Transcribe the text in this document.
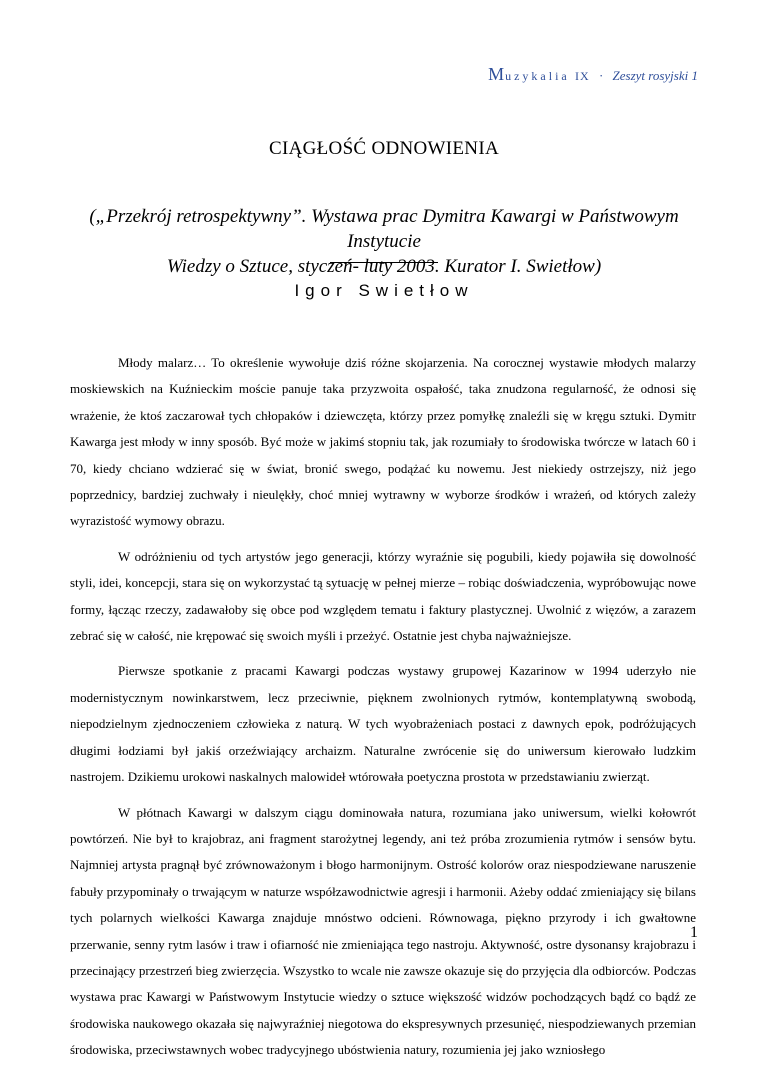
Muzykalia IX · Zeszyt rosyjski 1
CIĄGŁOŚĆ ODNOWIENIA
(„Przekrój retrospektywny”. Wystawa prac Dymitra Kawargi w Państwowym Instytucie
Wiedzy o Sztuce, styczeń- luty 2003. Kurator I. Swietłow)
Igor Swietłow

Młody malarz… To określenie wywołuje dziś różne skojarzenia. Na corocznej wystawie młodych malarzy moskiewskich na Kuźnieckim moście panuje taka przyzwoita ospałość, taka znudzona regularność, że odnosi się wrażenie, że ktoś zaczarował tych chłopaków i dziewczęta, którzy przez pomyłkę znaleźli się w kręgu sztuki. Dymitr Kawarga jest młody w inny sposób. Być może w jakimś stopniu tak, jak rozumiały to środowiska twórcze w latach 60 i 70, kiedy chciano wdzierać się w świat, bronić swego, podążać ku nowemu. Jest niekiedy ostrzejszy, niż jego poprzednicy, bardziej zuchwały i nieulękły, choć mniej wytrawny w wyborze środków i wrażeń, od których zależy wyrazistość wymowy obrazu.

W odróżnieniu od tych artystów jego generacji, którzy wyraźnie się pogubili, kiedy pojawiła się dowolność styli, idei, koncepcji, stara się on wykorzystać tą sytuację w pełnej mierze – robiąc doświadczenia, wypróbowując nowe formy, łącząc rzeczy, zadawałoby się obce pod względem tematu i faktury plastycznej. Uwolnić z więzów, a zarazem zebrać się w całość, nie krępować się swoich myśli i przeżyć. Ostatnie jest chyba najważniejsze.

Pierwsze spotkanie z pracami Kawargi podczas wystawy grupowej Kazarinow w 1994 uderzyło nie modernistycznym nowinkarstwem, lecz przeciwnie, pięknem zwolnionych rytmów, kontemplatywną swobodą, niepodzielnym zjednoczeniem człowieka z naturą. W tych wyobrażeniach postaci z dawnych epok, podróżujących długimi łodziami był jakiś orzeźwiający archaizm. Naturalne zwrócenie się do uniwersum kierowało ludzkim nastrojem. Dzikiemu urokowi naskalnych malowideł wtórowała poetyczna prostota w przedstawianiu zwierząt.

W płótnach Kawargi w dalszym ciągu dominowała natura, rozumiana jako uniwersum, wielki kołowrót powtórzeń. Nie był to krajobraz, ani fragment starożytnej legendy, ani też próba zrozumienia rytmów i sensów bytu. Najmniej artysta pragnął być zrównoważonym i błogo harmonijnym. Ostrość kolorów oraz niespodziewane naruszenie fabuły przypominały o trwającym w naturze współzawodnictwie agresji i harmonii. Ażeby oddać zmieniający się bilans tych polarnych wielkości Kawarga znajduje mnóstwo odcieni. Równowaga, piękno przyrody i ich gwałtowne przerwanie, senny rytm lasów i traw i ofiarność nie zmieniająca tego nastroju. Aktywność, ostre dysonansy krajobrazu i przecinający przestrzeń bieg zwierzęcia. Wszystko to wcale nie zawsze okazuje się do przyjęcia dla odbiorców. Podczas wystawa prac Kawargi w Państwowym Instytucie wiedzy o sztuce większość widzów pochodzących bądź co bądź ze środowiska naukowego okazała się najwyraźniej niegotowa do ekspresywnych przesunięć, niespodziewanych przemian środowiska, przeciwstawnych wobec tradycyjnego ubóstwienia natury, rozumienia jej jako wzniosłego

1
